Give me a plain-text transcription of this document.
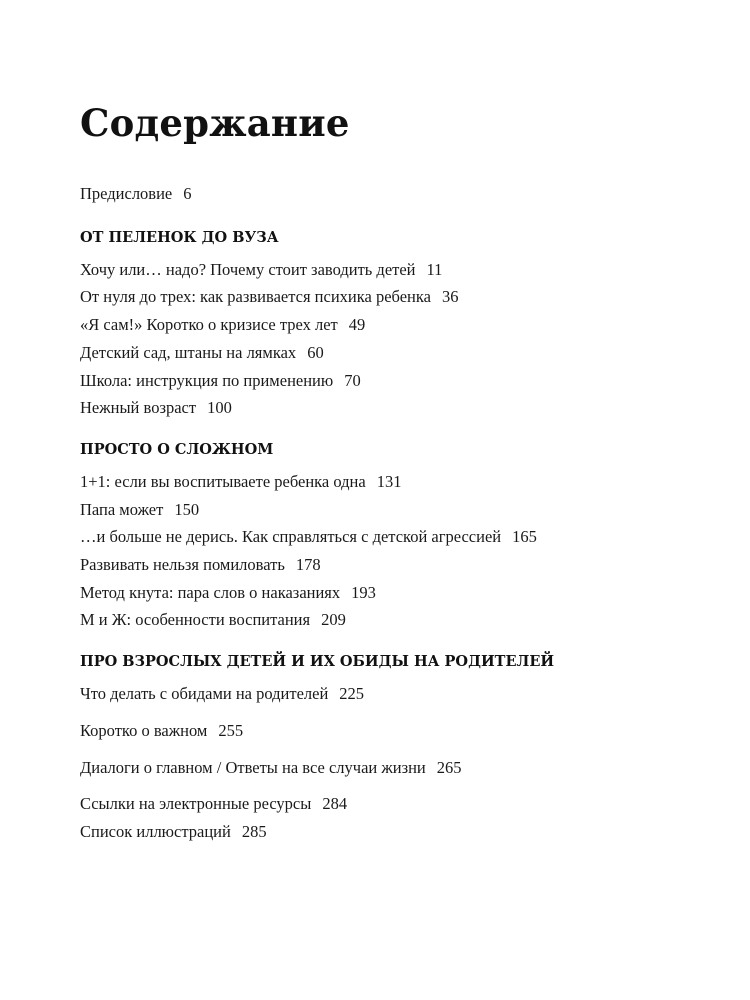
Содержание
Предисловие 6
ОТ ПЕЛЕНОК ДО ВУЗА
Хочу или… надо? Почему стоит заводить детей 11
От нуля до трех: как развивается психика ребенка 36
«Я сам!» Коротко о кризисе трех лет 49
Детский сад, штаны на лямках 60
Школа: инструкция по применению 70
Нежный возраст 100
ПРОСТО О СЛОЖНОМ
1+1: если вы воспитываете ребенка одна 131
Папа может 150
…и больше не дерись. Как справляться с детской агрессией 165
Развивать нельзя помиловать 178
Метод кнута: пара слов о наказаниях 193
М и Ж: особенности воспитания 209
ПРО ВЗРОСЛЫХ ДЕТЕЙ И ИХ ОБИДЫ НА РОДИТЕЛЕЙ
Что делать с обидами на родителей 225
Коротко о важном 255
Диалоги о главном / Ответы на все случаи жизни 265
Ссылки на электронные ресурсы 284
Список иллюстраций 285
